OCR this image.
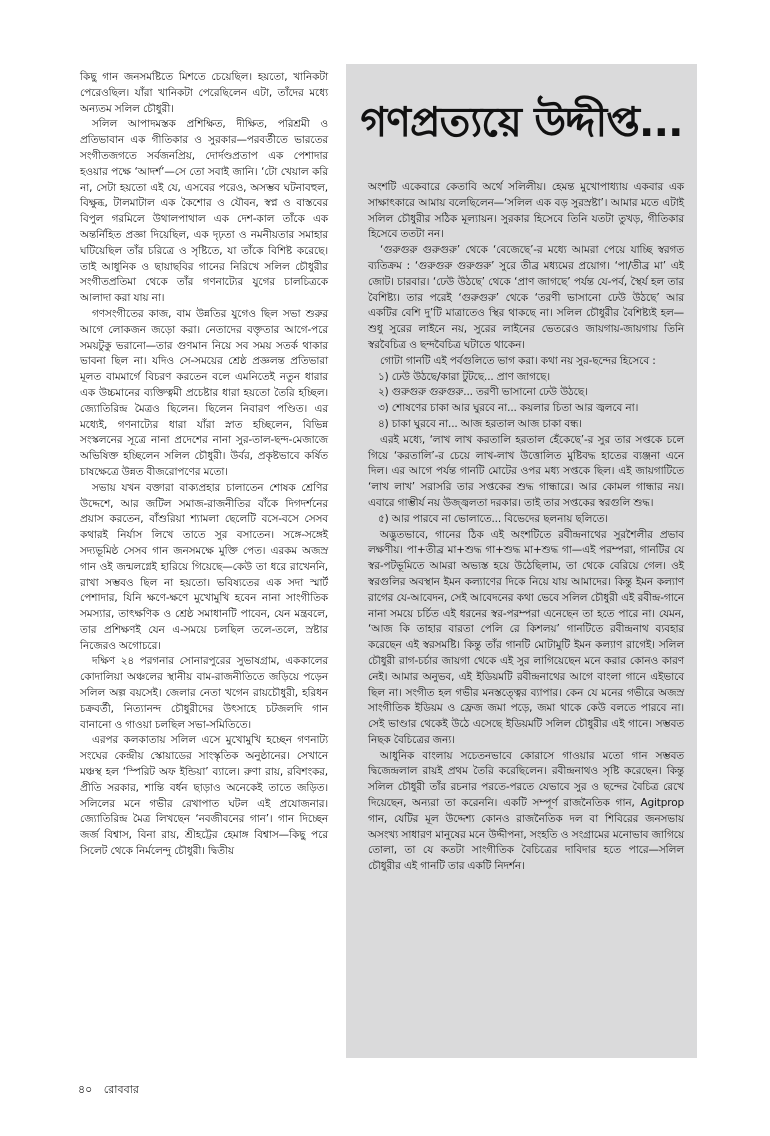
কিছু গান জনসমষ্টিতে মিশতে চেয়েছিল। হয়তো, খানিকটা পেরেওছিল। যাঁরা খানিকটা পেরেছিলেন এটা, তাঁদের মধ্যে অন্যতম সলিল চৌধুরী।

সলিল আপাদমস্তক প্রশিক্ষিত, দীক্ষিত, পরিশ্রমী ও প্রতিভাবান এক গীতিকার ও সুরকার—পরবর্তীতে ভারতের সংগীতজগতে সর্বজনপ্রিয়, দোর্দণ্ডপ্রতাপ এক পেশাদার হওয়ার পক্ষে ‘আদর্শ’—সে তো সবাই জানি। ‘টো খেয়াল করি না, সেটা হয়তো এই যে, এসবের পরেও, অসম্ভব ঘটনাবহুল, বিক্ষুব্ধ, টালমাটাল এক কৈশোর ও যৌবন, স্বপ্ন ও বাস্তবের বিপুল গরমিলে উথালপাথাল এক দেশ-কাল তাঁকে এক অন্তর্নিহিত প্রজ্ঞা দিয়েছিল, এক দৃঢ়তা ও নমনীয়তার সমাহার ঘটিয়েছিল তাঁর চরিত্রে ও সৃষ্টিতে, যা তাঁকে বিশিষ্ট করেছে। তাই আধুনিক ও ছায়াছবির গানের নিরিখে সলিল চৌধুরীর সংগীতপ্রতিমা থেকে তাঁর গণনাট্যের যুগের চালচিত্রকে আলাদা করা যায় না।

গণসংগীতের কাজ, বাম উন্নতির যুগেও ছিল সভা শুরুর আগে লোকজন জড়ো করা। নেতাদের বক্তৃতার আগে-পরে সময়টুকু ভরানো—তার গুণমান নিয়ে সব সময় সতর্ক থাকার ভাবনা ছিল না। যদিও সে-সময়ের শ্রেষ্ঠ প্রজ্ঞলন্ত প্রতিভারা মূলত বামমার্গে বিচরণ করতেন বলে এমনিতেই নতুন ধারার এক উচ্চমানের ব্যক্তিত্বমী প্রচেষ্টার ধারা হয়তো তৈরি হচ্ছিল। জ্যোতিরিন্দ্র মৈত্রও ছিলেন। ছিলেন নিবারণ পণ্ডিত। এর মধ্যেই, গণনাট্যের ধারা যাঁরা স্নাত হচ্ছিলেন, বিভিন্ন সংস্কলনের সূত্রে নানা প্রদেশের নানা সুর-তাল-ছন্দ-মেজাজে অভিষিক্ত হচ্ছিলেন সলিল চৌধুরী। উর্বর, প্রকৃষ্টভাবে কর্ষিত চাষক্ষেত্রে উন্নত বীজরোপণের মতো।

সভায় যখন বক্তারা বাক্যপ্রহার চালাতেন শোষক শ্রেণির উদ্দেশে, আর জটিল সমাজ-রাজনীতির বাঁকে দিগদর্শনের প্রয়াস করতেন, বাঁশুরিয়া শ্যামলা ছেলেটি বসে-বসে সেসব কথারই নির্যাস লিখে তাতে সুর বসাতেন। সঙ্গে-সঙ্গেই সদ্যভূমিষ্ঠ সেসব গান জনসমক্ষে মুক্তি পেত। এরকম অজস্র গান ওই জন্মলগ্নেই হারিয়ে গিয়েছে—কেউ তা ধরে রাখেননি, রাখা সম্ভবও ছিল না হয়তো। ভবিষ্যতের এক সদা স্মার্ট পেশাদার, যিনি ক্ষণে-ক্ষণে মুখোমুখি হবেন নানা সাংগীতিক সমস্যার, তাৎক্ষণিক ও শ্রেষ্ঠ সমাধানটি পাবেন, যেন মন্ত্রবলে, তার প্রশিক্ষণই যেন এ-সময়ে চলছিল তলে-তলে, স্রষ্টার নিজেরও অগোচরে।

দক্ষিণ ২৪ পরগনার সোনারপুরের সুভাষগ্রাম, এককালের কোদালিয়া অঞ্চলের স্থানীয় বাম-রাজনীতিতে জড়িয়ে পড়েন সলিল অল্প বয়সেই। জেলার নেতা খগেন রায়চৌধুরী, হরিধন চক্রবর্তী, নিত্যানন্দ চৌধুরীদের উৎসাহে চটজলদি গান বানানো ও গাওয়া চলছিল সভা-সমিতিতে।

এরপর কলকাতায় সলিল এসে মুখোমুখি হচ্ছেন গণনাট্য সংঘের কেন্দ্রীয় স্কোয়াডের সাংস্কৃতিক অনুষ্ঠানের। সেখানে মঞ্চস্থ হল ‘স্পিরিট অফ ইন্ডিয়া’ ব্যালে। রুণা রায়, রবিশংকর, প্রীতি সরকার, শান্তি বর্ধন ছাড়াও অনেকেই তাতে জড়িত। সলিলের মনে গভীর রেখাপাত ঘটল এই প্রযোজনার। জ্যোতিরিন্দ্র মৈত্র লিখছেন ‘নবজীবনের গান’। গান দিচ্ছেন জর্জ বিশ্বাস, বিনা রায়, শ্রীহট্টের হেমাঙ্গ বিশ্বাস—কিছু পরে সিলেট থেকে নির্মলেন্দু চৌধুরী। দ্বিতীয়

গণপ্রত্যয়ে উদ্দীপ্ত...

অংশটি একেবারে কেতাবি অর্থে সলিলীয়। হেমন্ত মুখোপাধ্যায় একবার এক সাক্ষাৎকারে আমায় বলেছিলেন—‘সলিল এক বড় সুরস্রষ্টা’। আমার মতে এটাই সলিল চৌধুরীর সঠিক মূল্যায়ন। সুরকার হিসেবে তিনি যতটা তুখড়, গীতিকার হিসেবে ততটা নন।

‘গুরুগুরু গুরুগুরু’ থেকে ‘বেজেছে’-র মধ্যে আমরা পেয়ে যাচ্ছি স্বরগত ব্যতিক্রম : ‘গুরুগুরু গুরুগুরু’ সুরে তীব্র মধ্যমের প্রয়োগ। ‘পা/তীব্র মা’ এই জোট। চারবার। ‘ঢেউ উঠছে’ থেকে ‘প্রাণ জাগছে’ পর্যন্ত যে-পর্ব, স্থৈর্য হল তার বৈশিষ্ট্য। তার পরেই ‘গুরুগুরু’ থেকে ‘তরণী ভাসানো ঢেউ উঠছে’ আর একটির বেশি দু’টি মাত্রাতেও স্থির থাকছে না। সলিল চৌধুরীর বৈশিষ্ট্যই হল—শুধু সুরের লাইনে নয়, সুরের লাইনের ভেতরেও জায়গায়-জায়গায় তিনি স্বরবৈচিত্র ও ছন্দবৈচিত্র ঘটাতে থাকেন।

গোটা গানটি এই পর্বগুলিতে ভাগ করা। কথা নয় সুর-ছন্দের হিসেবে :

১) ঢেউ উঠছে/কারা টুটছে... প্রাণ জাগছে।

২) গুরুগুরু গুরুগুরু... তরণী ভাসানো ঢেউ উঠছে।

৩) শোষণের চাকা আর ঘুরবে না... কয়লার চিতা আর জ্বলবে না।

৪) চাকা ঘুরবে না... আজ হরতাল আজ চাকা বন্ধ।

এরই মধ্যে, ‘লাখ লাখ করতালি হরতাল হেঁকেছে’-র সুর তার সপ্তকে চলে গিয়ে ‘করতালি’-র চেয়ে লাখ-লাখ উত্তোলিত মুষ্টিবদ্ধ হাতের ব্যঞ্জনা এনে দিল। এর আগে পর্যন্ত গানটি মোটের ওপর মধ্য সপ্তকে ছিল। এই জায়গাটিতে ‘লাখ লাখ’ সরাসরি তার সপ্তকের শুদ্ধ গান্ধারে। আর কোমল গান্ধার নয়। এবারে গাম্ভীর্য নয় উজ্জ্বলতা দরকার। তাই তার সপ্তকের স্বরগুলি শুদ্ধ।

৫) আর পারবে না ভোলাতে... বিভেদের ছলনায় ছলিতে।

অদ্ভুতভাবে, গানের ঠিক এই অংশটিতে রবীন্দ্রনাথের সুরশৈলীর প্রভাব লক্ষণীয়। পা+তীব্র মা+শুদ্ধ গা+শুদ্ধ মা+শুদ্ধ গা—এই পরম্পরা, গানটির যে স্বর-পটভূমিতে আমরা অভ্যস্ত হয়ে উঠেছিলাম, তা থেকে বেরিয়ে গেল। ওই স্বরগুলির অবস্থান ইমন কল্যাণের দিকে নিয়ে যায় আমাদের। কিন্তু ইমন কল্যাণ রাগের যে-আবেদন, সেই আবেদনের কথা ভেবে সলিল চৌধুরী এই রবীন্দ্র-গানে নানা সময়ে চর্চিত এই ধরনের স্বর-পরম্পরা এনেছেন তা হতে পারে না। যেমন, ‘আজ কি তাহার বারতা পেলি রে কিশলয়’ গানটিতে রবীন্দ্রনাথ ব্যবহার করেছেন এই স্বরসমষ্টি। কিন্তু তাঁর গানটি মোটামুটি ইমন কল্যাণ রাগেই। সলিল চৌধুরী রাগ-চর্চার জায়গা থেকে এই সুর লাগিয়েছেন মনে করার কোনও কারণ নেই। আমার অনুভব, এই ইডিয়মটি রবীন্দ্রনাথের আগে বাংলা গানে এইভাবে ছিল না। সংগীত হল গভীর মনস্তত্ত্বের ব্যাপার। কেন যে মনের গভীরে অজস্র সাংগীতিক ইডিয়ম ও ফ্রেজ জমা পড়ে, জমা থাকে কেউ বলতে পারবে না। সেই ভাণ্ডার থেকেই উঠে এসেছে ইডিয়মটি সলিল চৌধুরীর এই গানে। সম্ভবত নিছক বৈচিত্রের জন্য।

আধুনিক বাংলায় সচেতনভাবে কোরাসে গাওয়ার মতো গান সম্ভবত দ্বিজেন্দ্রলাল রায়ই প্রথম তৈরি করেছিলেন। রবীন্দ্রনাথও সৃষ্টি করেছেন। কিন্তু সলিল চৌধুরী তাঁর রচনার পরতে-পরতে যেভাবে সুর ও ছন্দের বৈচিত্র রেখে দিয়েছেন, অন্যরা তা করেননি। একটি সম্পূর্ণ রাজনৈতিক গান, Agitprop গান, যেটির মূল উদ্দেশ্য কোনও রাজনৈতিক দল বা শিবিরের জনসভায় অসংখ্য সাধারণ মানুষের মনে উদ্দীপনা, সংহতি ও সংগ্রামের মনোভাব জাগিয়ে তোলা, তা যে কতটা সাংগীতিক বৈচিত্রের দাবিদার হতে পারে—সলিল চৌধুরীর এই গানটি তার একটি নিদর্শন।

৪০ রোববার
